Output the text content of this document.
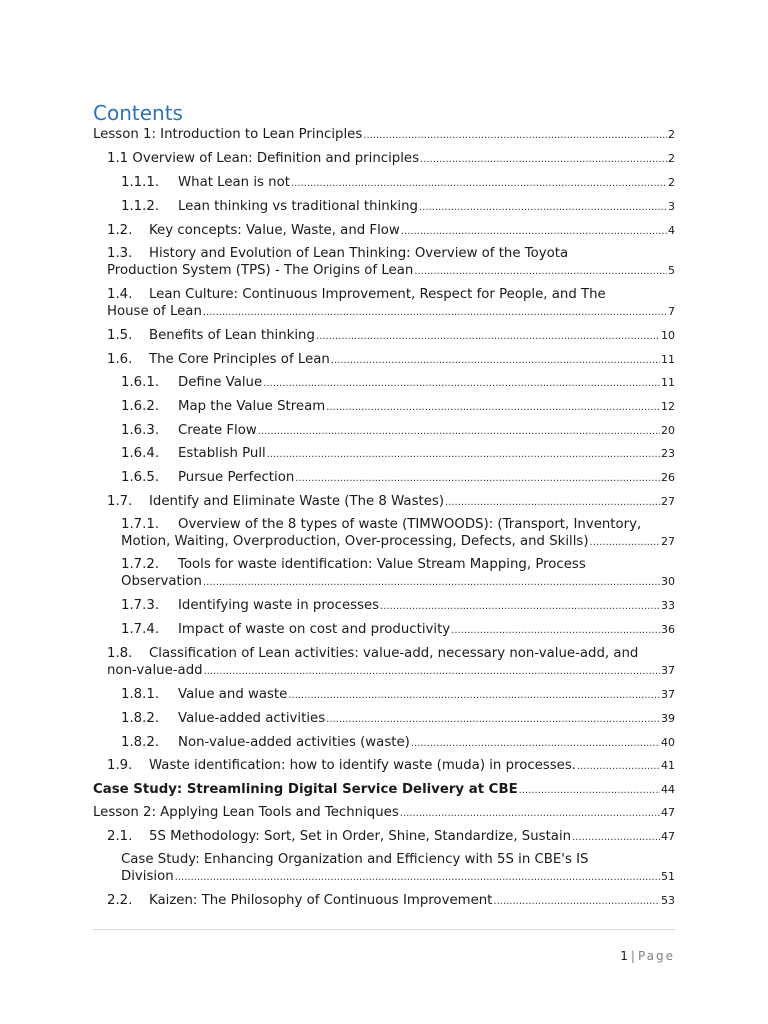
Contents
Lesson 1: Introduction to Lean Principles .....	2
1.1 Overview of Lean: Definition and principles .....	2
1.1.1. What Lean is not .....	2
1.1.2. Lean thinking vs traditional thinking .....	3
1.2. Key concepts: Value, Waste, and Flow .....	4
1.3. History and Evolution of Lean Thinking: Overview of the Toyota
Production System (TPS) - The Origins of Lean .....	5
1.4. Lean Culture: Continuous Improvement, Respect for People, and The
House of Lean .....	7
1.5. Benefits of Lean thinking .....	10
1.6. The Core Principles of Lean .....	11
1.6.1. Define Value .....	11
1.6.2. Map the Value Stream .....	12
1.6.3. Create Flow .....	20
1.6.4. Establish Pull .....	23
1.6.5. Pursue Perfection .....	26
1.7. Identify and Eliminate Waste (The 8 Wastes) .....	27
1.7.1. Overview of the 8 types of waste (TIMWOODS): (Transport, Inventory,
Motion, Waiting, Overproduction, Over-processing, Defects, and Skills) .....	27
1.7.2. Tools for waste identification: Value Stream Mapping, Process
Observation .....	30
1.7.3. Identifying waste in processes .....	33
1.7.4. Impact of waste on cost and productivity .....	36
1.8. Classification of Lean activities: value-add, necessary non-value-add, and
non-value-add .....	37
1.8.1. Value and waste .....	37
1.8.2. Value-added activities .....	39
1.8.2. Non-value-added activities (waste) .....	40
1.9. Waste identification: how to identify waste (muda) in processes. .....	41
Case Study: Streamlining Digital Service Delivery at CBE .....	44
Lesson 2: Applying Lean Tools and Techniques .....	47
2.1. 5S Methodology: Sort, Set in Order, Shine, Standardize, Sustain .....	47
Case Study: Enhancing Organization and Efficiency with 5S in CBE's IS
Division .....	51
2.2. Kaizen: The Philosophy of Continuous Improvement .....	53
1 | Page
